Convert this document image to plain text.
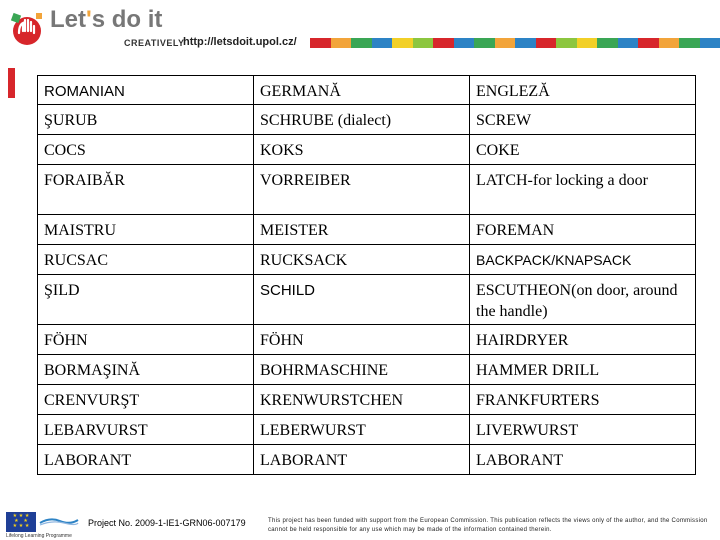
Let's do it
CREATIVELY
http://letsdoit.upol.cz/
ROMANIAN	GERMANĂ	ENGLEZĂ
ŞURUB	SCHRUBE (dialect)	SCREW
COCS	KOKS	COKE
FORAIBĂR	VORREIBER	LATCH-for locking a door
MAISTRU	MEISTER	FOREMAN
RUCSAC	RUCKSACK	BACKPACK/KNAPSACK
ŞILD	SCHILD	ESCUTHEON(on door, around the handle)
FÖHN	FÖHN	HAIRDRYER
BORMAŞINĂ	BOHRMASCHINE	HAMMER DRILL
CRENVURŞT	KRENWURSTCHEN	FRANKFURTERS
LEBARVURST	LEBERWURST	LIVERWURST
LABORANT	LABORANT	LABORANT
★ ★ ★
★   ★
★ ★ ★
Lifelong Learning Programme
Project No. 2009-1-IE1-GRN06-007179	This project has been funded with support from the European Commission. This publication reflects the views only of the author, and the Commission cannot be held responsible for any use which may be made of the information contained therein.
